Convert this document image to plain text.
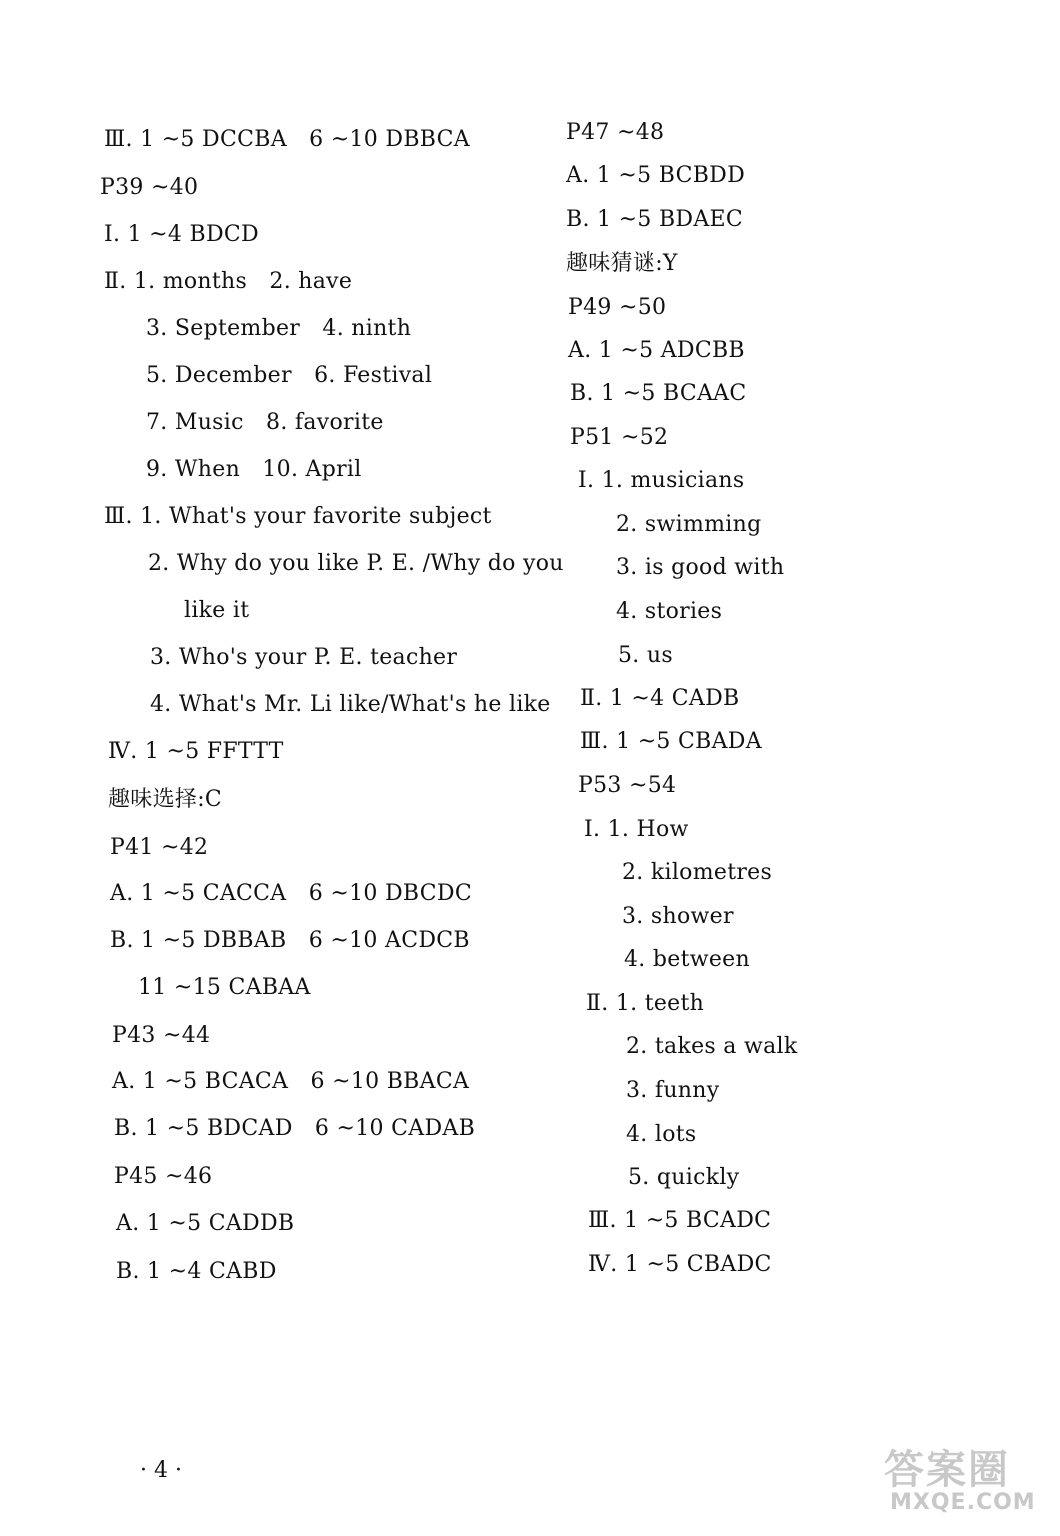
Ⅲ. 1 ~5 DCCBA　6 ~10 DBBCA
P39 ~40
Ⅰ. 1 ~4 BDCD
Ⅱ. 1. months　2. have
3. September　4. ninth
5. December　6. Festival
7. Music　8. favorite
9. When　10. April
Ⅲ. 1. What's your favorite subject
2. Why do you like P. E. /Why do you
like it
3. Who's your P. E. teacher
4. What's Mr. Li like/What's he like
Ⅳ. 1 ~5 FFTTT
趣味选择:C
P41 ~42
A. 1 ~5 CACCA　6 ~10 DBCDC
B. 1 ~5 DBBAB　6 ~10 ACDCB
11 ~15 CABAA
P43 ~44
A. 1 ~5 BCACA　6 ~10 BBACA
B. 1 ~5 BDCAD　6 ~10 CADAB
P45 ~46
A. 1 ~5 CADDB
B. 1 ~4 CABD
P47 ~48
A. 1 ~5 BCBDD
B. 1 ~5 BDAEC
趣味猜谜:Y
P49 ~50
A. 1 ~5 ADCBB
B. 1 ~5 BCAAC
P51 ~52
Ⅰ. 1. musicians
2. swimming
3. is good with
4. stories
5. us
Ⅱ. 1 ~4 CADB
Ⅲ. 1 ~5 CBADA
P53 ~54
Ⅰ. 1. How
2. kilometres
3. shower
4. between
Ⅱ. 1. teeth
2. takes a walk
3. funny
4. lots
5. quickly
Ⅲ. 1 ~5 BCADC
Ⅳ. 1 ~5 CBADC
· 4 ·	答案圈
MXQE.COM
